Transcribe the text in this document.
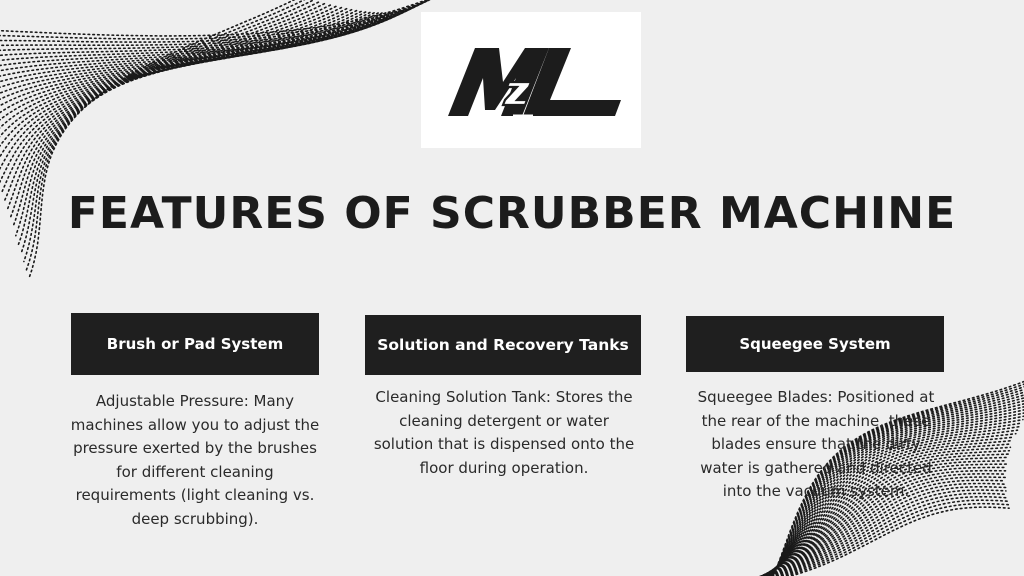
FEATURES OF SCRUBBER MACHINE
Brush or Pad System	Solution and Recovery Tanks	Squeegee System
Adjustable Pressure: Many machines allow you to adjust the pressure exerted by the brushes for different cleaning requirements (light cleaning vs. deep scrubbing).
Cleaning Solution Tank: Stores the cleaning detergent or water solution that is dispensed onto the floor during operation.
Squeegee Blades: Positioned at the rear of the machine, these blades ensure that the dirty water is gathered and directed into the vacuum system.
